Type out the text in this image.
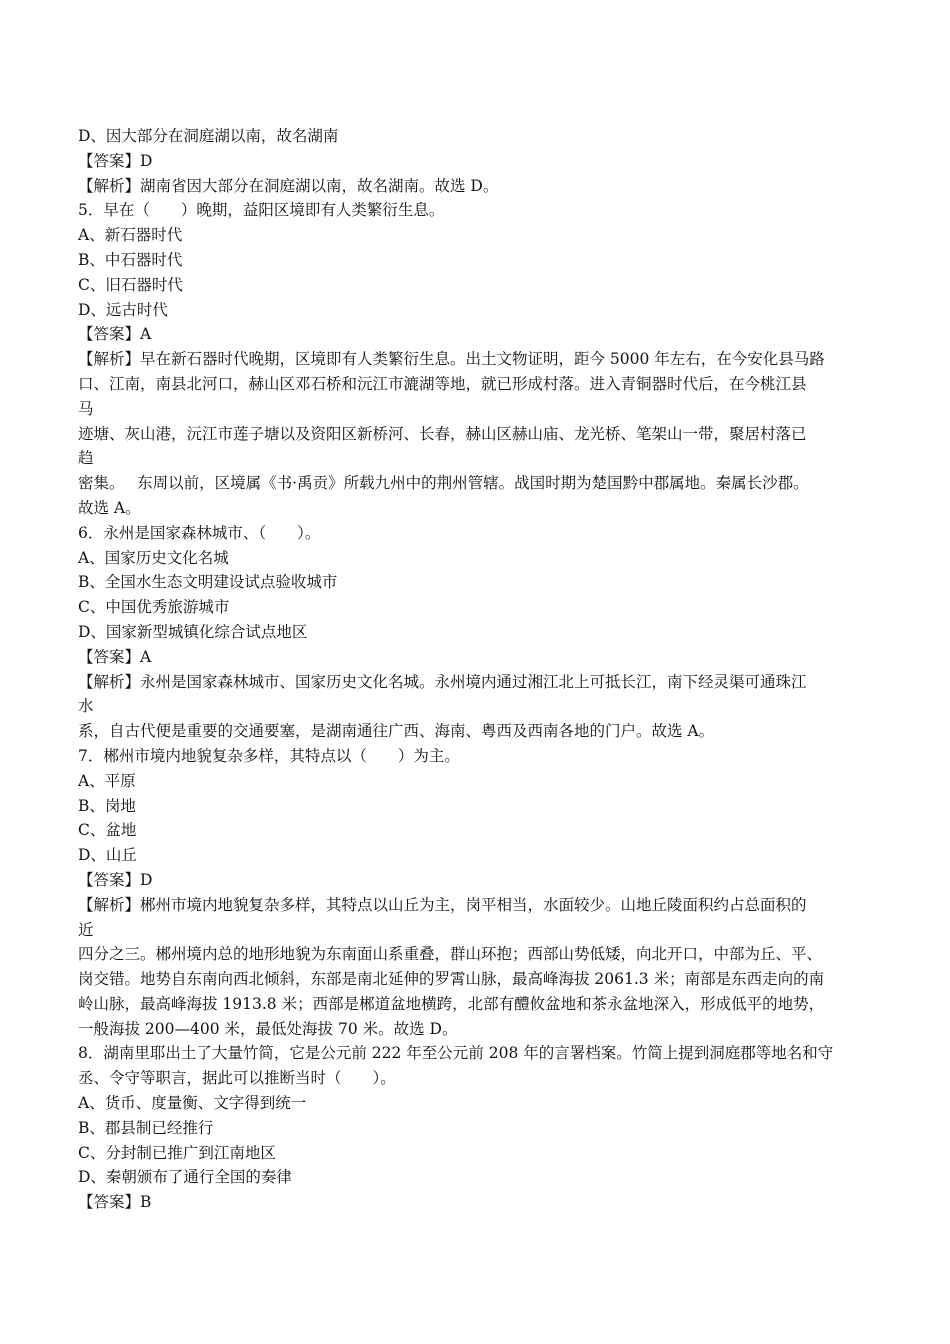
D、因大部分在洞庭湖以南，故名湖南
【答案】D
【解析】湖南省因大部分在洞庭湖以南，故名湖南。故选 D。
5．早在（　　）晚期，益阳区境即有人类繁衍生息。
A、新石器时代
B、中石器时代
C、旧石器时代
D、远古时代
【答案】A
【解析】早在新石器时代晚期，区境即有人类繁衍生息。出土文物证明，距今 5000 年左右，在今安化县马路
口、江南，南县北河口，赫山区邓石桥和沅江市漉湖等地，就已形成村落。进入青铜器时代后，在今桃江县
马
迹塘、灰山港，沅江市莲子塘以及资阳区新桥河、长春，赫山区赫山庙、龙光桥、笔架山一带，聚居村落已
趋
密集。　 东周以前，区境属《书·禹贡》所载九州中的荆州管辖。战国时期为楚国黔中郡属地。秦属长沙郡。
故选 A。
6．永州是国家森林城市、（　　）。
A、国家历史文化名城
B、全国水生态文明建设试点验收城市
C、中国优秀旅游城市
D、国家新型城镇化综合试点地区
【答案】A
【解析】永州是国家森林城市、国家历史文化名城。永州境内通过湘江北上可抵长江，南下经灵渠可通珠江
水
系，自古代便是重要的交通要塞，是湖南通往广西、海南、粤西及西南各地的门户。故选 A。
7．郴州市境内地貌复杂多样，其特点以（　　）为主。
A、平原
B、岗地
C、盆地
D、山丘
【答案】D
【解析】郴州市境内地貌复杂多样，其特点以山丘为主，岗平相当，水面较少。山地丘陵面积约占总面积的
近
四分之三。郴州境内总的地形地貌为东南面山系重叠，群山环抱；西部山势低矮，向北开口，中部为丘、平、
岗交错。地势自东南向西北倾斜，东部是南北延伸的罗霄山脉，最高峰海拔 2061.3 米；南部是东西走向的南
岭山脉，最高峰海拔 1913.8 米；西部是郴道盆地横跨，北部有醴攸盆地和茶永盆地深入，形成低平的地势，
一般海拔 200—400 米，最低处海拔 70 米。故选 D。
8．湖南里耶出土了大量竹简，它是公元前 222 年至公元前 208 年的言署档案。竹简上提到洞庭郡等地名和守
丞、令守等职言，据此可以推断当时（　　）。
A、货币、度量衡、文字得到统一
B、郡县制已经推行
C、分封制已推广到江南地区
D、秦朝颁布了通行全国的奏律
【答案】B
